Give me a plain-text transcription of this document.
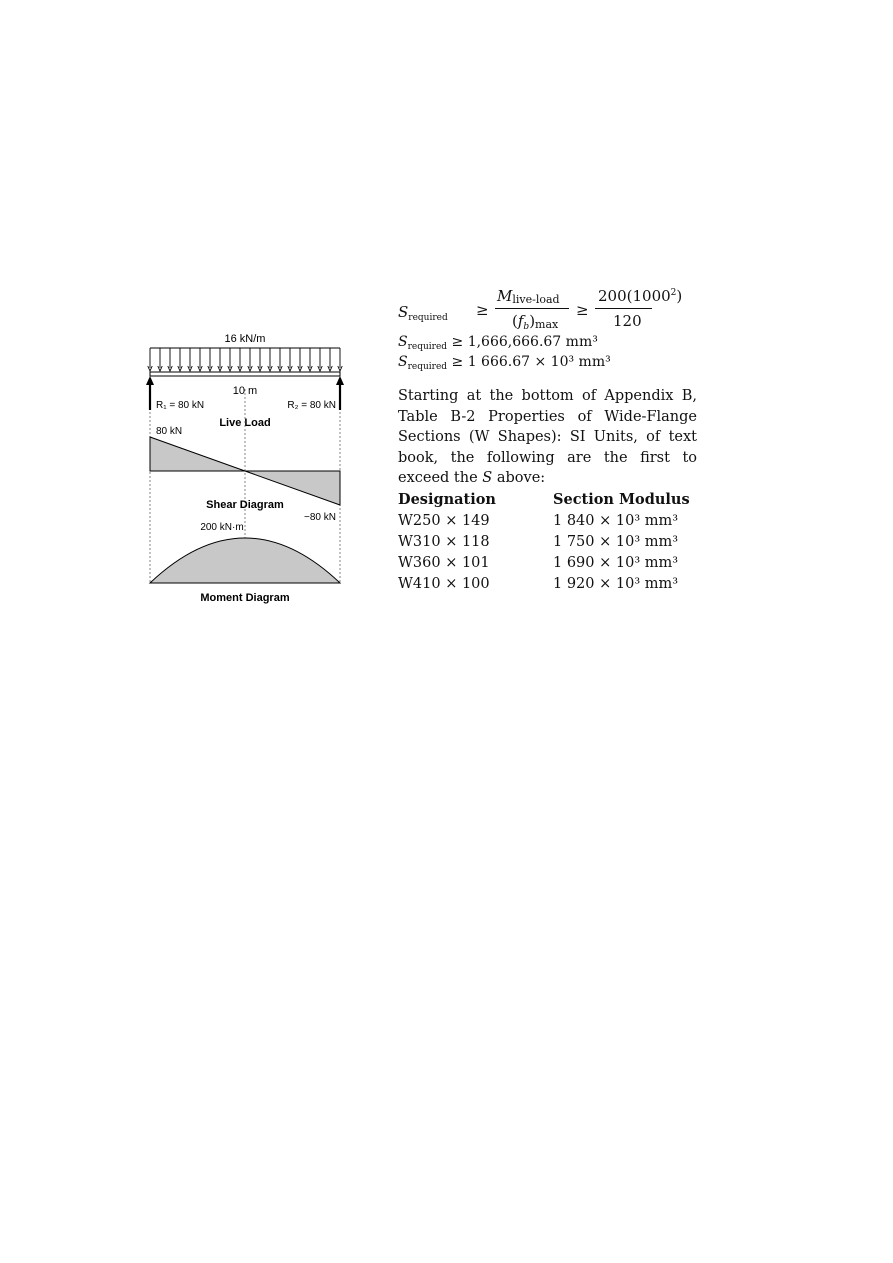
16 kN/m
10 m
R₁ = 80 kN	R₂ = 80 kN
Live Load
80 kN
Shear Diagram
−80 kN
200 kN·m
Moment Diagram
$S_{required}$ ≥
Mlive-load
$(f_b)\max$
≥
$200(1000^2)$
120
$S_{required} \ge 1,666,666.67$ mm³
$S_{required} \ge 1$ 666.67 × 10³ mm³

Starting at the bottom of Appendix B, Table B-2 Properties of Wide-Flange Sections (W Shapes): SI Units, of text book, the following are the first to exceed the S above:

Designation	Section Modulus
W250 × 149	1 840 × 10³ mm³
W310 × 118	1 750 × 10³ mm³
W360 × 101	1 690 × 10³ mm³
W410 × 100	1 920 × 10³ mm³
